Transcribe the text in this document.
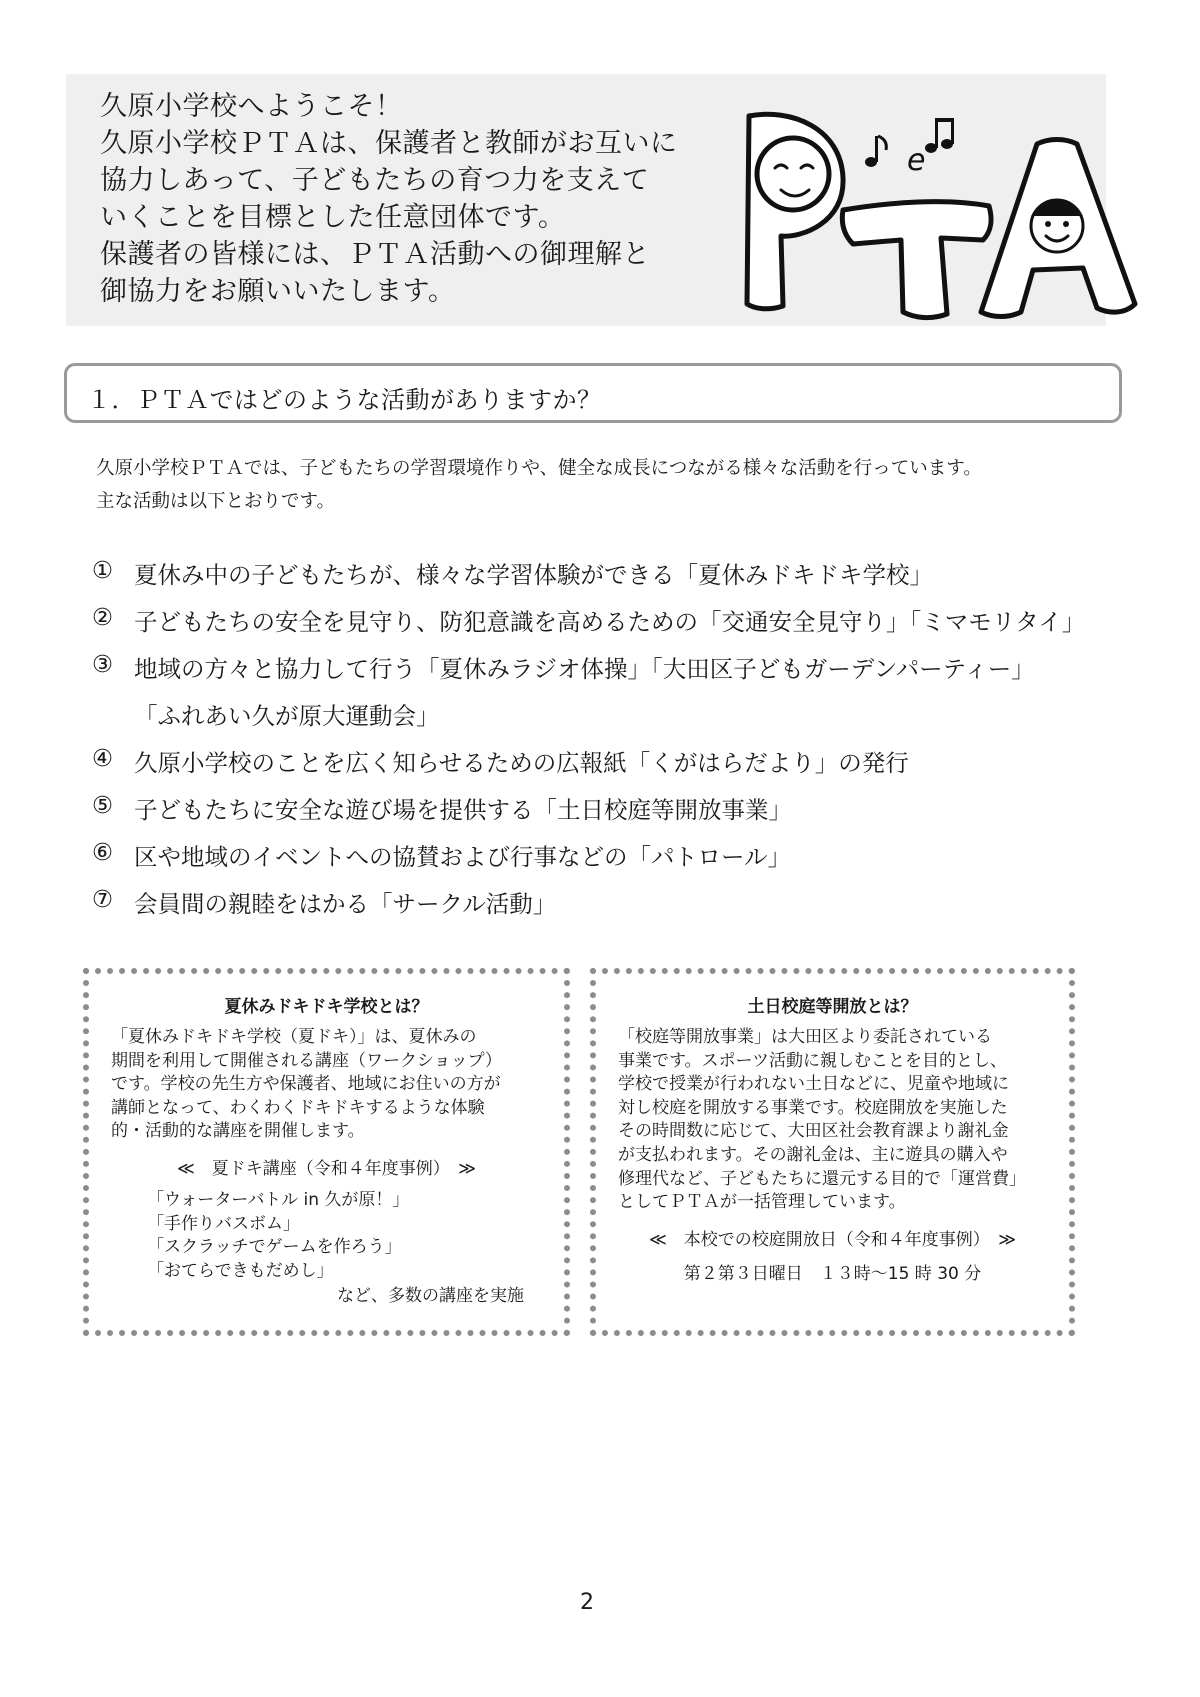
久原小学校へようこそ！
久原小学校ＰＴＡは、保護者と教師がお互いに
協力しあって、子どもたちの育つ力を支えて
いくことを目標とした任意団体です。
保護者の皆様には、ＰＴＡ活動への御理解と
御協力をお願いいたします。
e
１．ＰＴＡではどのような活動がありますか？
久原小学校ＰＴＡでは、子どもたちの学習環境作りや、健全な成長につながる様々な活動を行っています。
主な活動は以下とおりです。
① 夏休み中の子どもたちが、様々な学習体験ができる「夏休みドキドキ学校」
② 子どもたちの安全を見守り、防犯意識を高めるための「交通安全見守り」「ミマモリタイ」
③ 地域の方々と協力して行う「夏休みラジオ体操」「大田区子どもガーデンパーティー」
「ふれあい久が原大運動会」
④ 久原小学校のことを広く知らせるための広報紙「くがはらだより」の発行
⑤ 子どもたちに安全な遊び場を提供する「土日校庭等開放事業」
⑥ 区や地域のイベントへの協賛および行事などの「パトロール」
⑦ 会員間の親睦をはかる「サークル活動」
夏休みドキドキ学校とは？
「夏休みドキドキ学校（夏ドキ）」は、夏休みの
期間を利用して開催される講座（ワークショップ）
です。学校の先生方や保護者、地域にお住いの方が
講師となって、わくわくドキドキするような体験
的・活動的な講座を開催します。
≪　夏ドキ講座（令和４年度事例）　≫
「ウォーターバトル in 久が原！」
「手作りバスボム」
「スクラッチでゲームを作ろう」
「おてらできもだめし」
など、多数の講座を実施
土日校庭等開放とは？
「校庭等開放事業」は大田区より委託されている
事業です。スポーツ活動に親しむことを目的とし、
学校で授業が行われない土日などに、児童や地域に
対し校庭を開放する事業です。校庭開放を実施した
その時間数に応じて、大田区社会教育課より謝礼金
が支払われます。その謝礼金は、主に遊具の購入や
修理代など、子どもたちに還元する目的で「運営費」
としてＰＴＡが一括管理しています。
≪　本校での校庭開放日（令和４年度事例）　≫
第２第３日曜日　１３時～15 時 30 分
2
